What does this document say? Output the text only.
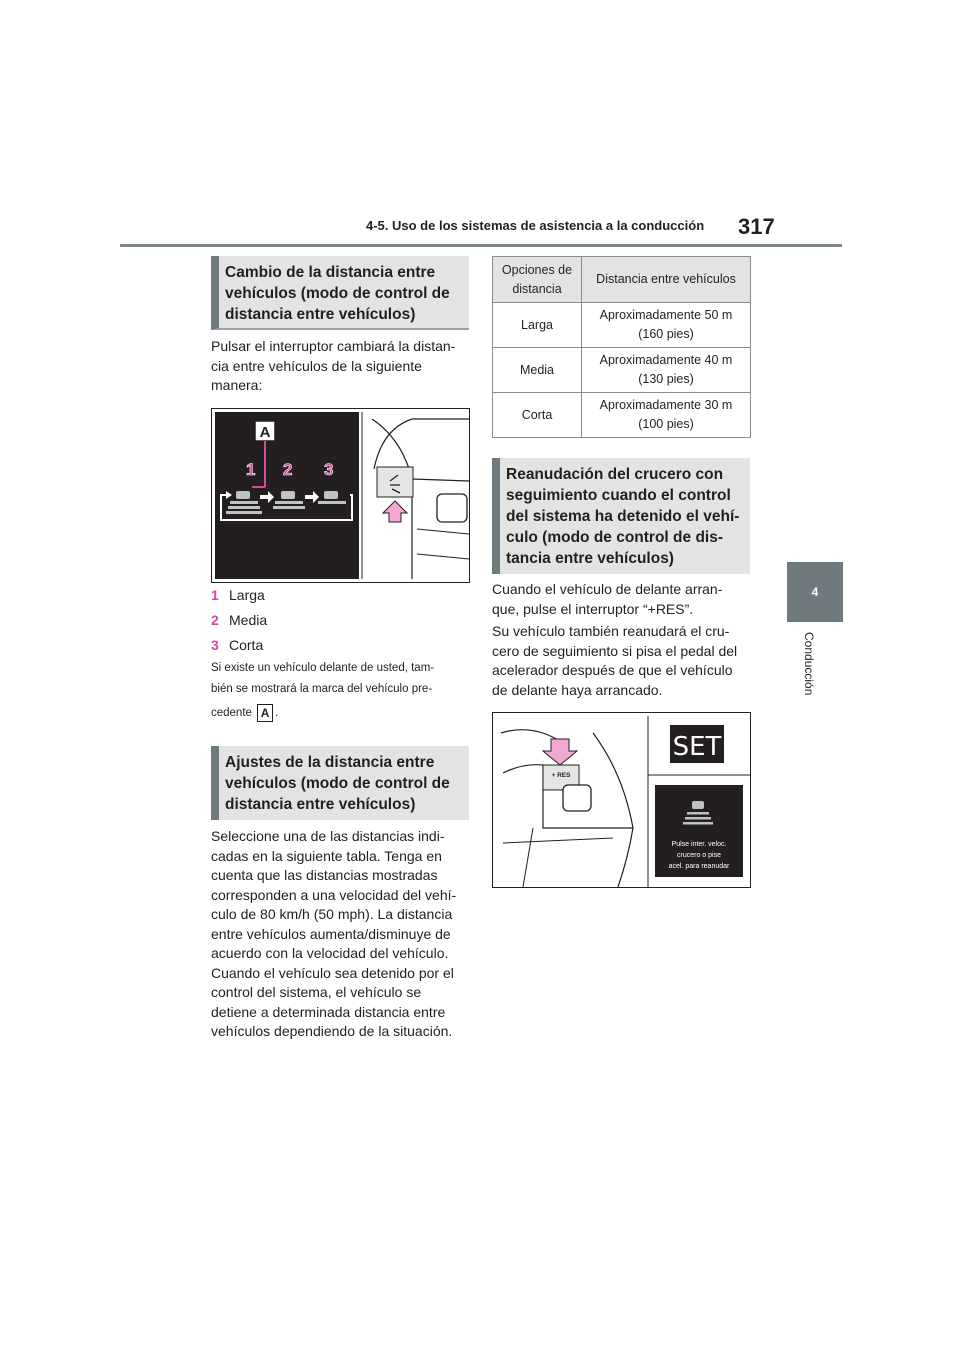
4-5. Uso de los sistemas de asistencia a la conducción 317
4
Conducción
Cambio de la distancia entre
vehículos (modo de control de
distancia entre vehículos)
Pulsar el interruptor cambiará la distan-
cia entre vehículos de la siguiente
manera:
A
1 2 3
1 Larga
2 Media
3 Corta
Si existe un vehículo delante de usted, tam-
bién se mostrará la marca del vehículo pre-
cedente A .
Ajustes de la distancia entre
vehículos (modo de control de
distancia entre vehículos)
Seleccione una de las distancias indi-
cadas en la siguiente tabla. Tenga en
cuenta que las distancias mostradas
corresponden a una velocidad del vehí-
culo de 80 km/h (50 mph). La distancia
entre vehículos aumenta/disminuye de
acuerdo con la velocidad del vehículo.
Cuando el vehículo sea detenido por el
control del sistema, el vehículo se
detiene a determinada distancia entre
vehículos dependiendo de la situación.
Opciones de
distancia	Distancia entre vehículos

Larga	Aproximadamente 50 m
(160 pies)

Media	Aproximadamente 40 m
(130 pies)

Corta	Aproximadamente 30 m
(100 pies)
Reanudación del crucero con
seguimiento cuando el control
del sistema ha detenido el vehí-
culo (modo de control de dis-
tancia entre vehículos)
Cuando el vehículo de delante arran-
que, pulse el interruptor “+RES”.
Su vehículo también reanudará el cru-
cero de seguimiento si pisa el pedal del
acelerador después de que el vehículo
de delante haya arrancado.
+ RES
SET
Pulse inter. veloc.
crucero o pise
acel. para reanudar
